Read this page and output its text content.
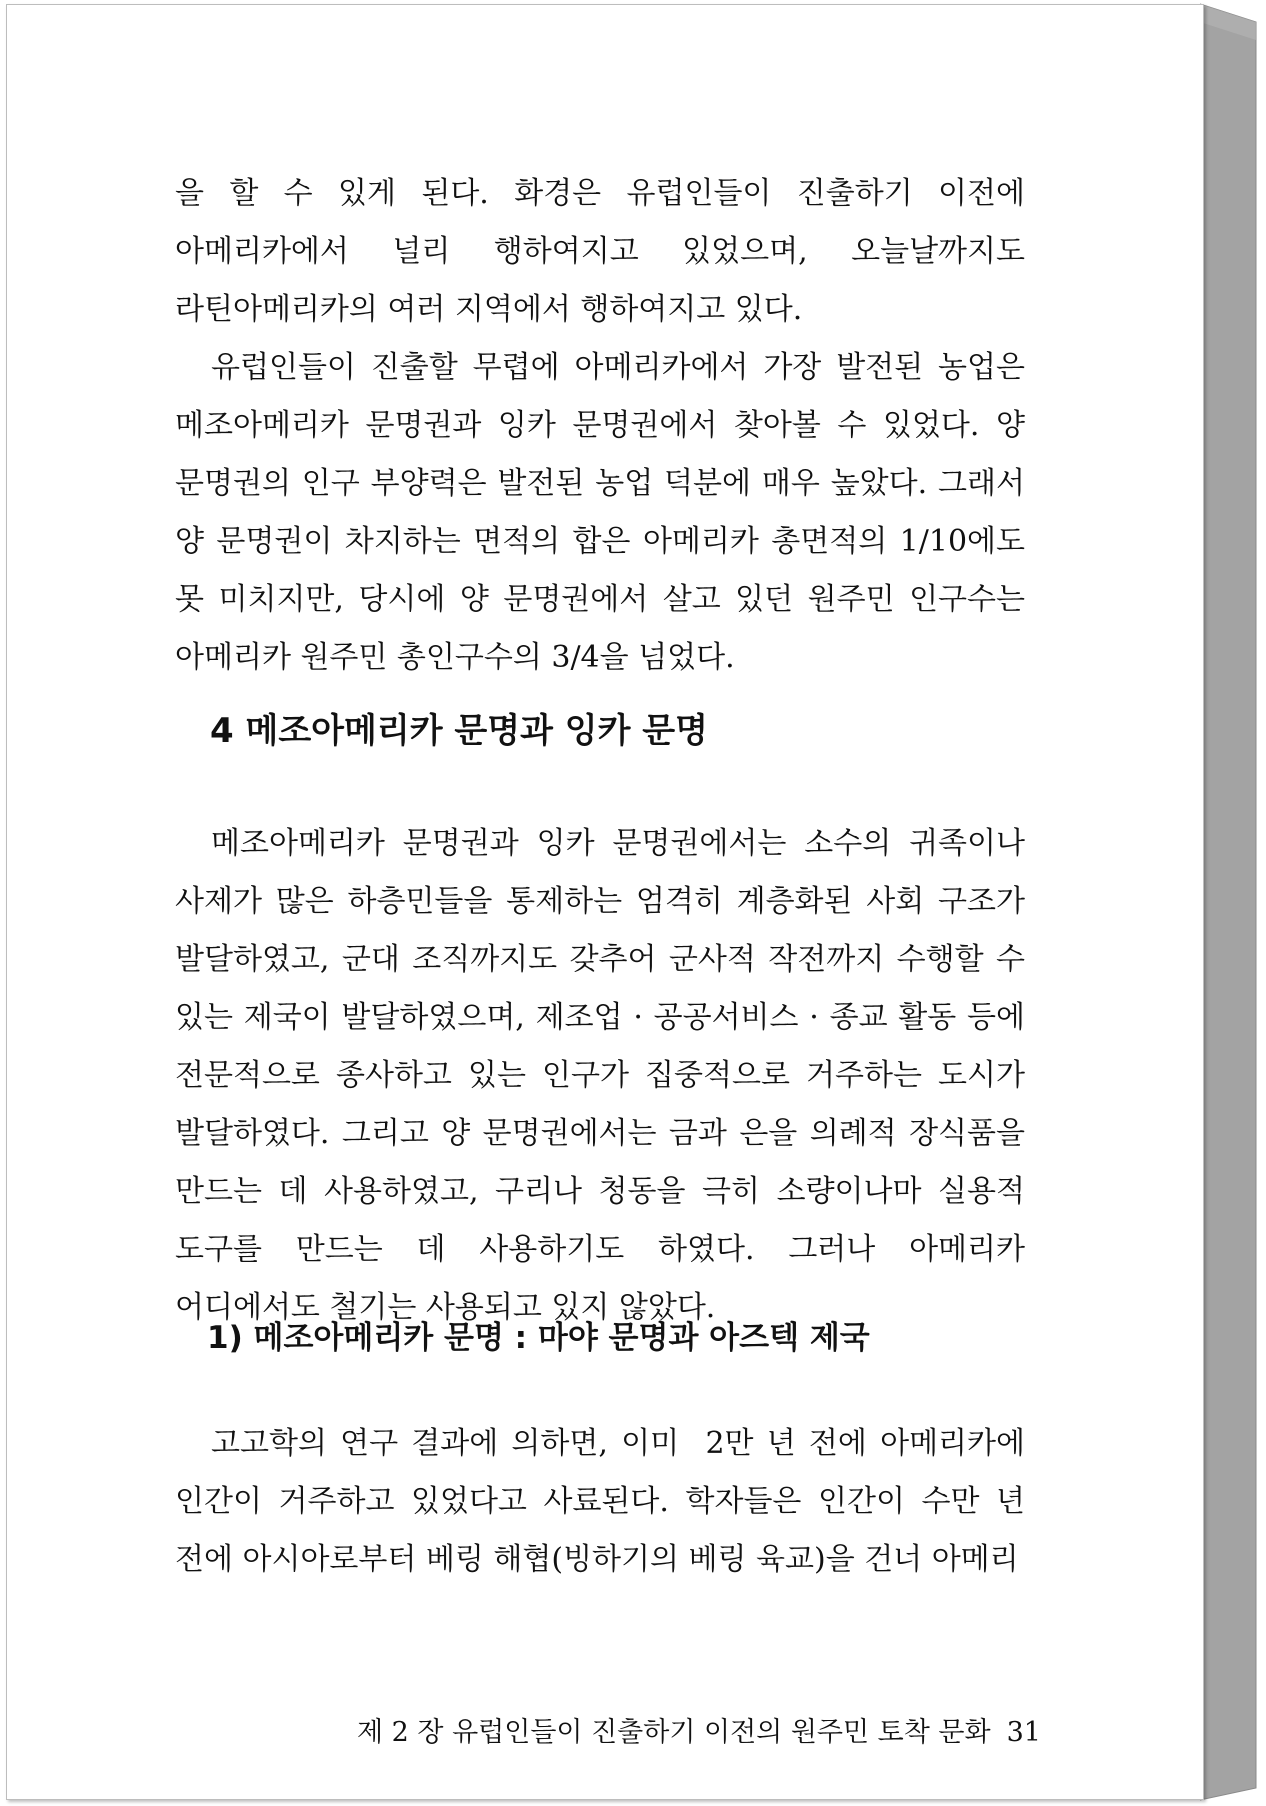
을 할 수 있게 된다. 화경은 유럽인들이 진출하기 이전에 아메리카에서 널리 행하여지고 있었으며, 오늘날까지도 라틴아메리카의 여러 지역에서 행하여지고 있다.

유럽인들이 진출할 무렵에 아메리카에서 가장 발전된 농업은 메조아메리카 문명권과 잉카 문명권에서 찾아볼 수 있었다. 양 문명권의 인구 부양력은 발전된 농업 덕분에 매우 높았다. 그래서 양 문명권이 차지하는 면적의 합은 아메리카 총면적의 1/10에도 못 미치지만, 당시에 양 문명권에서 살고 있던 원주민 인구수는 아메리카 원주민 총인구수의 3/4을 넘었다.

4 메조아메리카 문명과 잉카 문명

메조아메리카 문명권과 잉카 문명권에서는 소수의 귀족이나 사제가 많은 하층민들을 통제하는 엄격히 계층화된 사회 구조가 발달하였고, 군대 조직까지도 갖추어 군사적 작전까지 수행할 수 있는 제국이 발달하였으며, 제조업 · 공공서비스 · 종교 활동 등에 전문적으로 종사하고 있는 인구가 집중적으로 거주하는 도시가 발달하였다. 그리고 양 문명권에서는 금과 은을 의례적 장식품을 만드는 데 사용하였고, 구리나 청동을 극히 소량이나마 실용적 도구를 만드는 데 사용하기도 하였다. 그러나 아메리카 어디에서도 철기는 사용되고 있지 않았다.

1) 메조아메리카 문명 : 마야 문명과 아즈텍 제국

고고학의 연구 결과에 의하면, 이미  2만 년 전에 아메리카에 인간이 거주하고 있었다고 사료된다. 학자들은 인간이 수만 년 전에 아시아로부터 베링 해협(빙하기의 베링 육교)을 건너 아메리

제 2 장 유럽인들이 진출하기 이전의 원주민 토착 문화 31
